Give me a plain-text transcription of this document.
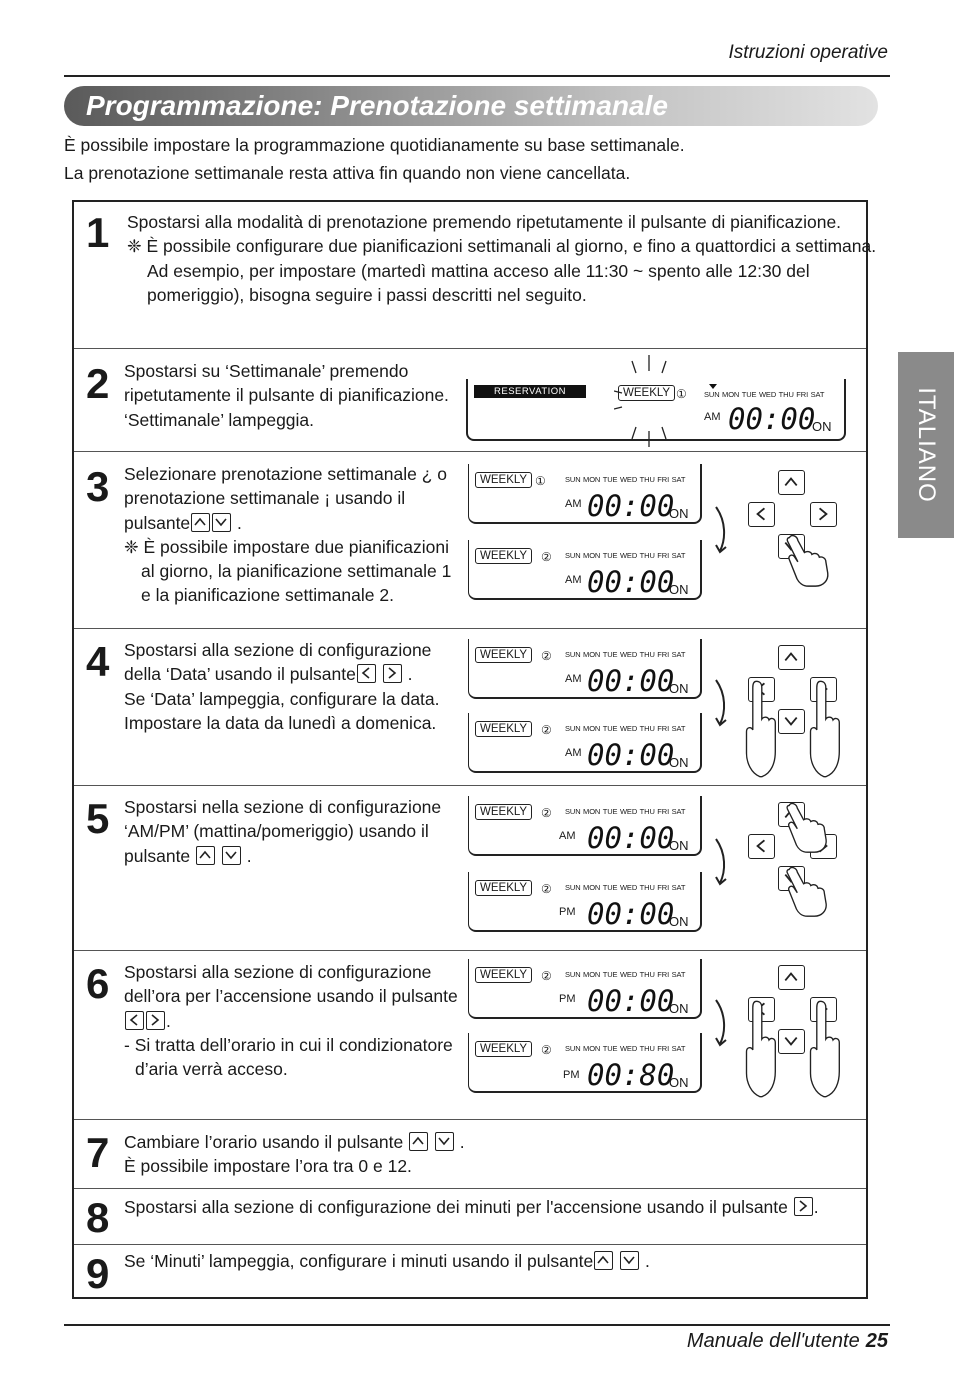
Istruzioni operative
Programmazione: Prenotazione settimanale
È possibile impostare la programmazione quotidianamente su base settimanale.
La prenotazione settimanale resta attiva fin quando non viene cancellata.
ITALIANO
1 Spostarsi alla modalità di prenotazione premendo ripetutamente il pulsante di pianificazione.

❈ È possibile configurare due pianificazioni settimanali al giorno, e fino a quattordici a settimana.

Ad esempio, per impostare (martedì mattina acceso alle 11:30 ~ spento alle 12:30 del

pomeriggio), bisogna seguire i passi descritti nel seguito.

2 Spostarsi su ‘Settimanale’ premendo

ripetutamente il pulsante di pianificazione.

‘Settimanale’ lampeggia.

RESERVATION	WEEKLY ① SUN MON TUE WED THU FRI SAT
AM 00:00
ON
3 Selezionare prenotazione settimanale ¿ o

prenotazione settimanale ¡ usando il

pulsante
.

❈ È possibile impostare due pianificazioni

al giorno, la pianificazione settimanale 1

e la pianificazione settimanale 2.

WEEKLY ①	SUN MON TUE WED THU FRI SAT
AM 00:00
ON
WEEKLY	② SUN MON TUE WED THU FRI SAT
AM 00:00
ON
4 Spostarsi alla sezione di configurazione

della ‘Data’ usando il pulsante
	.

Se ‘Data’ lampeggia, configurare la data.

Impostare la data da lunedì a domenica.

WEEKLY	② SUN MON TUE WED THU FRI SAT
AM 00:00
ON
WEEKLY	② SUN MON TUE WED THU FRI SAT
AM 00:00
ON
5 Spostarsi nella sezione di configurazione

‘AM/PM’ (mattina/pomeriggio) usando il

pulsante
	.

WEEKLY	② SUN MON TUE WED THU FRI SAT
AM 00:00
ON
WEEKLY	② SUN MON TUE WED THU FRI SAT
PM 00:00
ON
6 Spostarsi alla sezione di configurazione

dell’ora per l’accensione usando il pulsante

.

- Si tratta dell’orario in cui il condizionatore

d’aria verrà acceso.

WEEKLY	② SUN MON TUE WED THU FRI SAT
PM 00:00
ON
WEEKLY	② SUN MON TUE WED THU FRI SAT
PM 00:80
ON
7 Cambiare l’orario usando il pulsante
	.

È possibile impostare l’ora tra 0 e 12.

8 Spostarsi alla sezione di configurazione dei minuti per l'accensione usando il pulsante .

9 Se ‘Minuti’ lampeggia, configurare i minuti usando il pulsante
	.

Manuale dell'utente 25
